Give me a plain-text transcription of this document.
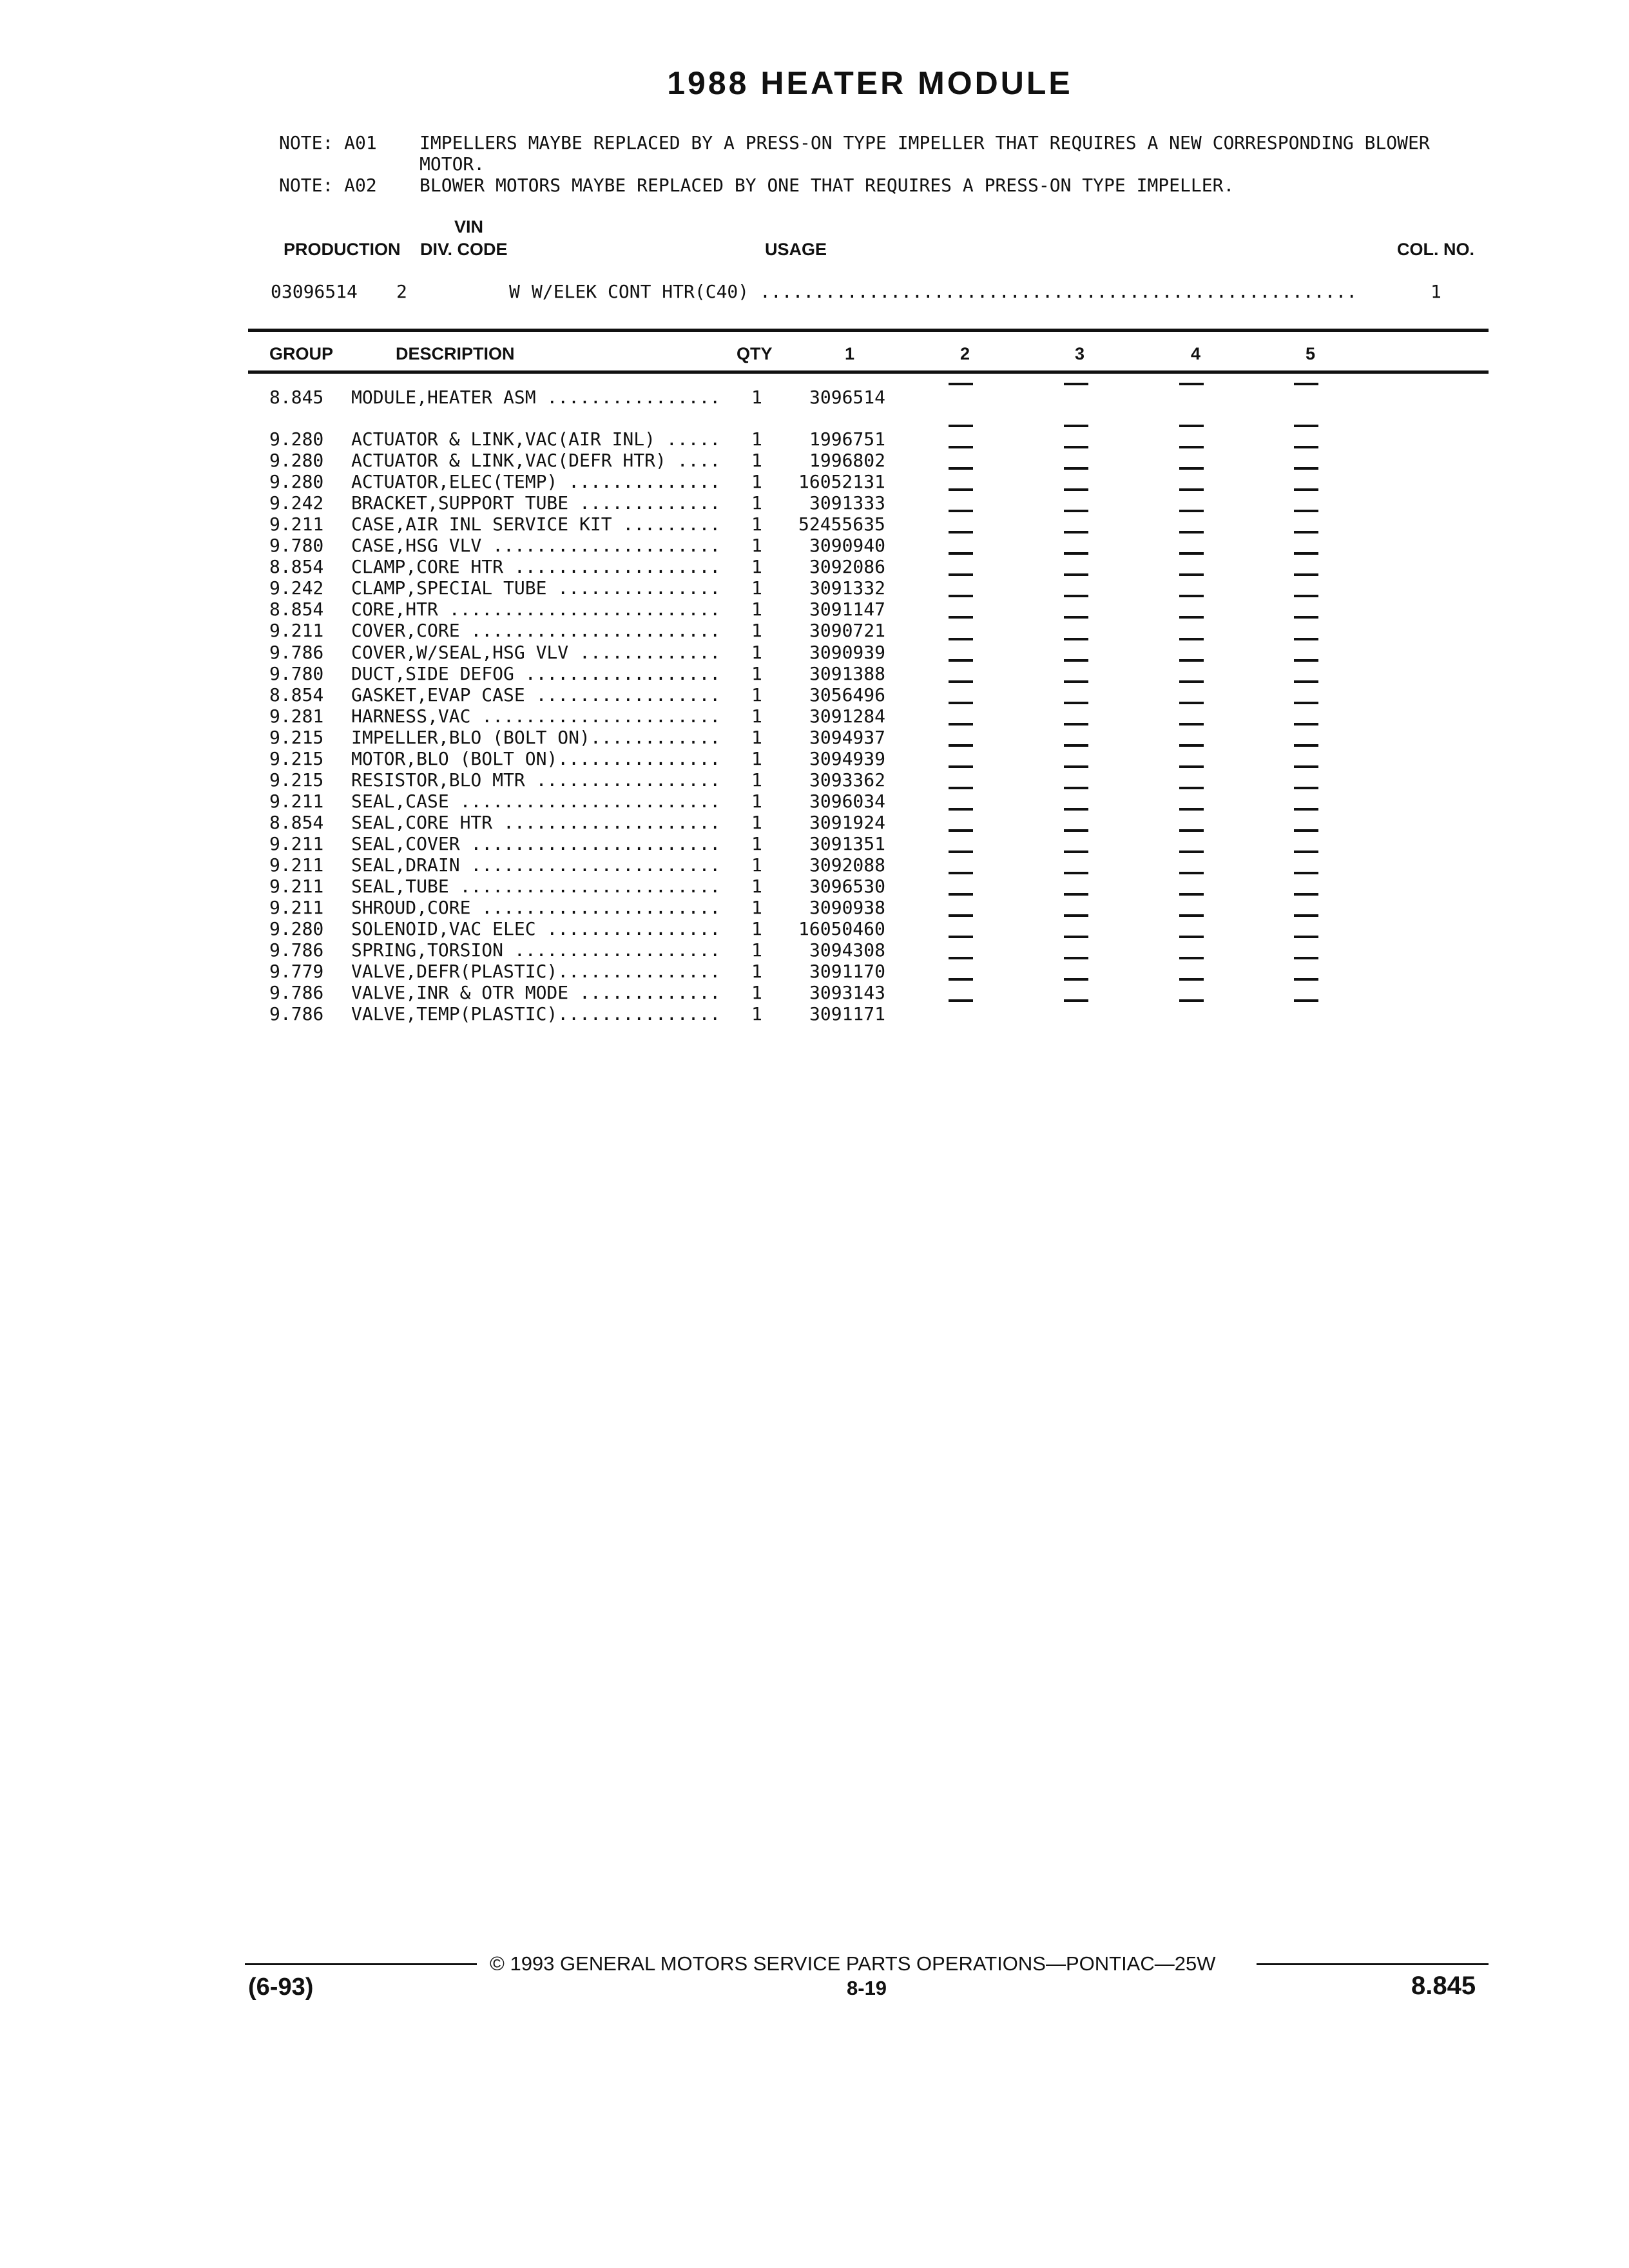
1988 HEATER MODULE
NOTE: A01	IMPELLERS MAYBE REPLACED BY A PRESS-ON TYPE IMPELLER THAT REQUIRES A NEW CORRESPONDING BLOWER MOTOR.
NOTE: A02	BLOWER MOTORS MAYBE REPLACED BY ONE THAT REQUIRES A PRESS-ON TYPE IMPELLER.
VIN
PRODUCTION DIV. CODE	USAGE	COL. NO.
03096514 2	W W/ELEK CONT HTR(C40) .......................................................	1
GROUP	DESCRIPTION	QTY	1	2	3	4	5
8.845 MODULE,HEATER ASM ................ 1	3096514
9.280 ACTUATOR & LINK,VAC(AIR INL) ..... 1	1996751
9.280 ACTUATOR & LINK,VAC(DEFR HTR) .... 1	1996802
9.280 ACTUATOR,ELEC(TEMP) .............. 1 16052131
9.242 BRACKET,SUPPORT TUBE ............. 1	3091333
9.211 CASE,AIR INL SERVICE KIT ......... 1 52455635
9.780 CASE,HSG VLV ..................... 1	3090940
8.854 CLAMP,CORE HTR ................... 1	3092086
9.242 CLAMP,SPECIAL TUBE ............... 1	3091332
8.854 CORE,HTR ......................... 1	3091147
9.211 COVER,CORE ....................... 1	3090721
9.786 COVER,W/SEAL,HSG VLV ............. 1	3090939
9.780 DUCT,SIDE DEFOG .................. 1	3091388
8.854 GASKET,EVAP CASE ................. 1	3056496
9.281 HARNESS,VAC ...................... 1	3091284
9.215 IMPELLER,BLO (BOLT ON)............ 1	3094937
9.215 MOTOR,BLO (BOLT ON)............... 1	3094939
9.215 RESISTOR,BLO MTR ................. 1	3093362
9.211 SEAL,CASE ........................ 1	3096034
8.854 SEAL,CORE HTR .................... 1	3091924
9.211 SEAL,COVER ....................... 1	3091351
9.211 SEAL,DRAIN ....................... 1	3092088
9.211 SEAL,TUBE ........................ 1	3096530
9.211 SHROUD,CORE ...................... 1	3090938
9.280 SOLENOID,VAC ELEC ................ 1 16050460
9.786 SPRING,TORSION ................... 1	3094308
9.779 VALVE,DEFR(PLASTIC)............... 1	3091170
9.786 VALVE,INR & OTR MODE ............. 1	3093143
9.786 VALVE,TEMP(PLASTIC)............... 1	3091171
© 1993 GENERAL MOTORS SERVICE PARTS OPERATIONS—PONTIAC—25W
(6-93)	8-19	8.845
